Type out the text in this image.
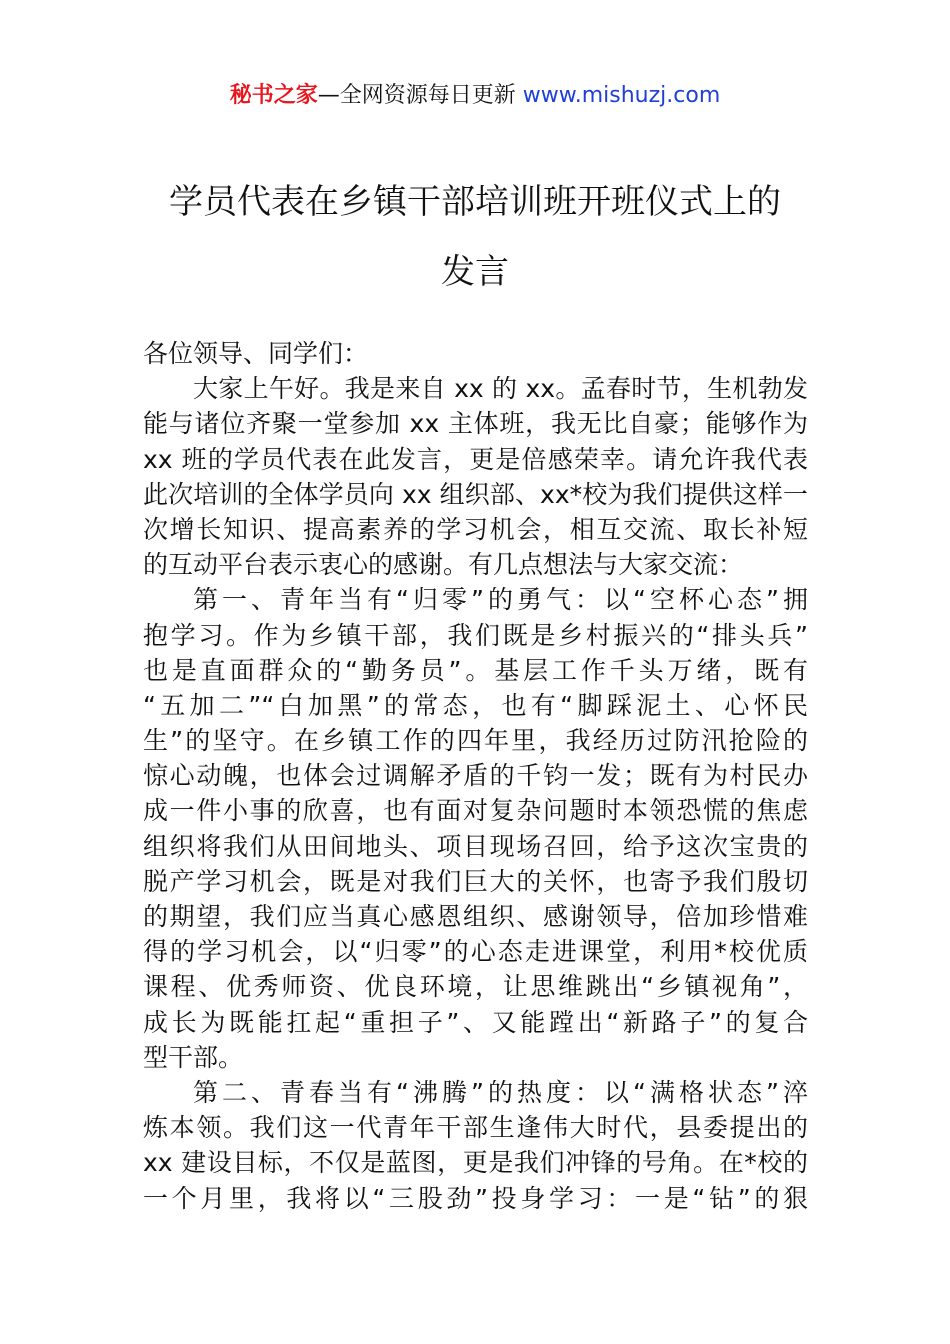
秘书之家—全网资源每日更新 www.mishuzj.com
学员代表在乡镇干部培训班开班仪式上的
发言
各位领导、同学们：
大家上午好。我是来自 xx 的 xx。孟春时节，生机勃发
能与诸位齐聚一堂参加 xx 主体班，我无比自豪；能够作为
xx 班的学员代表在此发言，更是倍感荣幸。请允许我代表
此次培训的全体学员向 xx 组织部、xx*校为我们提供这样一
次增长知识、提高素养的学习机会，相互交流、取长补短
的互动平台表示衷心的感谢。有几点想法与大家交流：
第一、青年当有“归零”的勇气：以“空杯心态”拥
抱学习。作为乡镇干部，我们既是乡村振兴的“排头兵”
也是直面群众的“勤务员”。基层工作千头万绪，既有
“五加二”“白加黑”的常态，也有“脚踩泥土、心怀民
生”的坚守。在乡镇工作的四年里，我经历过防汛抢险的
惊心动魄，也体会过调解矛盾的千钧一发；既有为村民办
成一件小事的欣喜，也有面对复杂问题时本领恐慌的焦虑
组织将我们从田间地头、项目现场召回，给予这次宝贵的
脱产学习机会，既是对我们巨大的关怀，也寄予我们殷切
的期望，我们应当真心感恩组织、感谢领导，倍加珍惜难
得的学习机会，以“归零”的心态走进课堂，利用*校优质
课程、优秀师资、优良环境，让思维跳出“乡镇视角”，
成长为既能扛起“重担子”、又能蹚出“新路子”的复合
型干部。
第二、青春当有“沸腾”的热度：以“满格状态”淬
炼本领。我们这一代青年干部生逢伟大时代，县委提出的
xx 建设目标，不仅是蓝图，更是我们冲锋的号角。在*校的
一个月里，我将以“三股劲”投身学习：一是“钻”的狠
